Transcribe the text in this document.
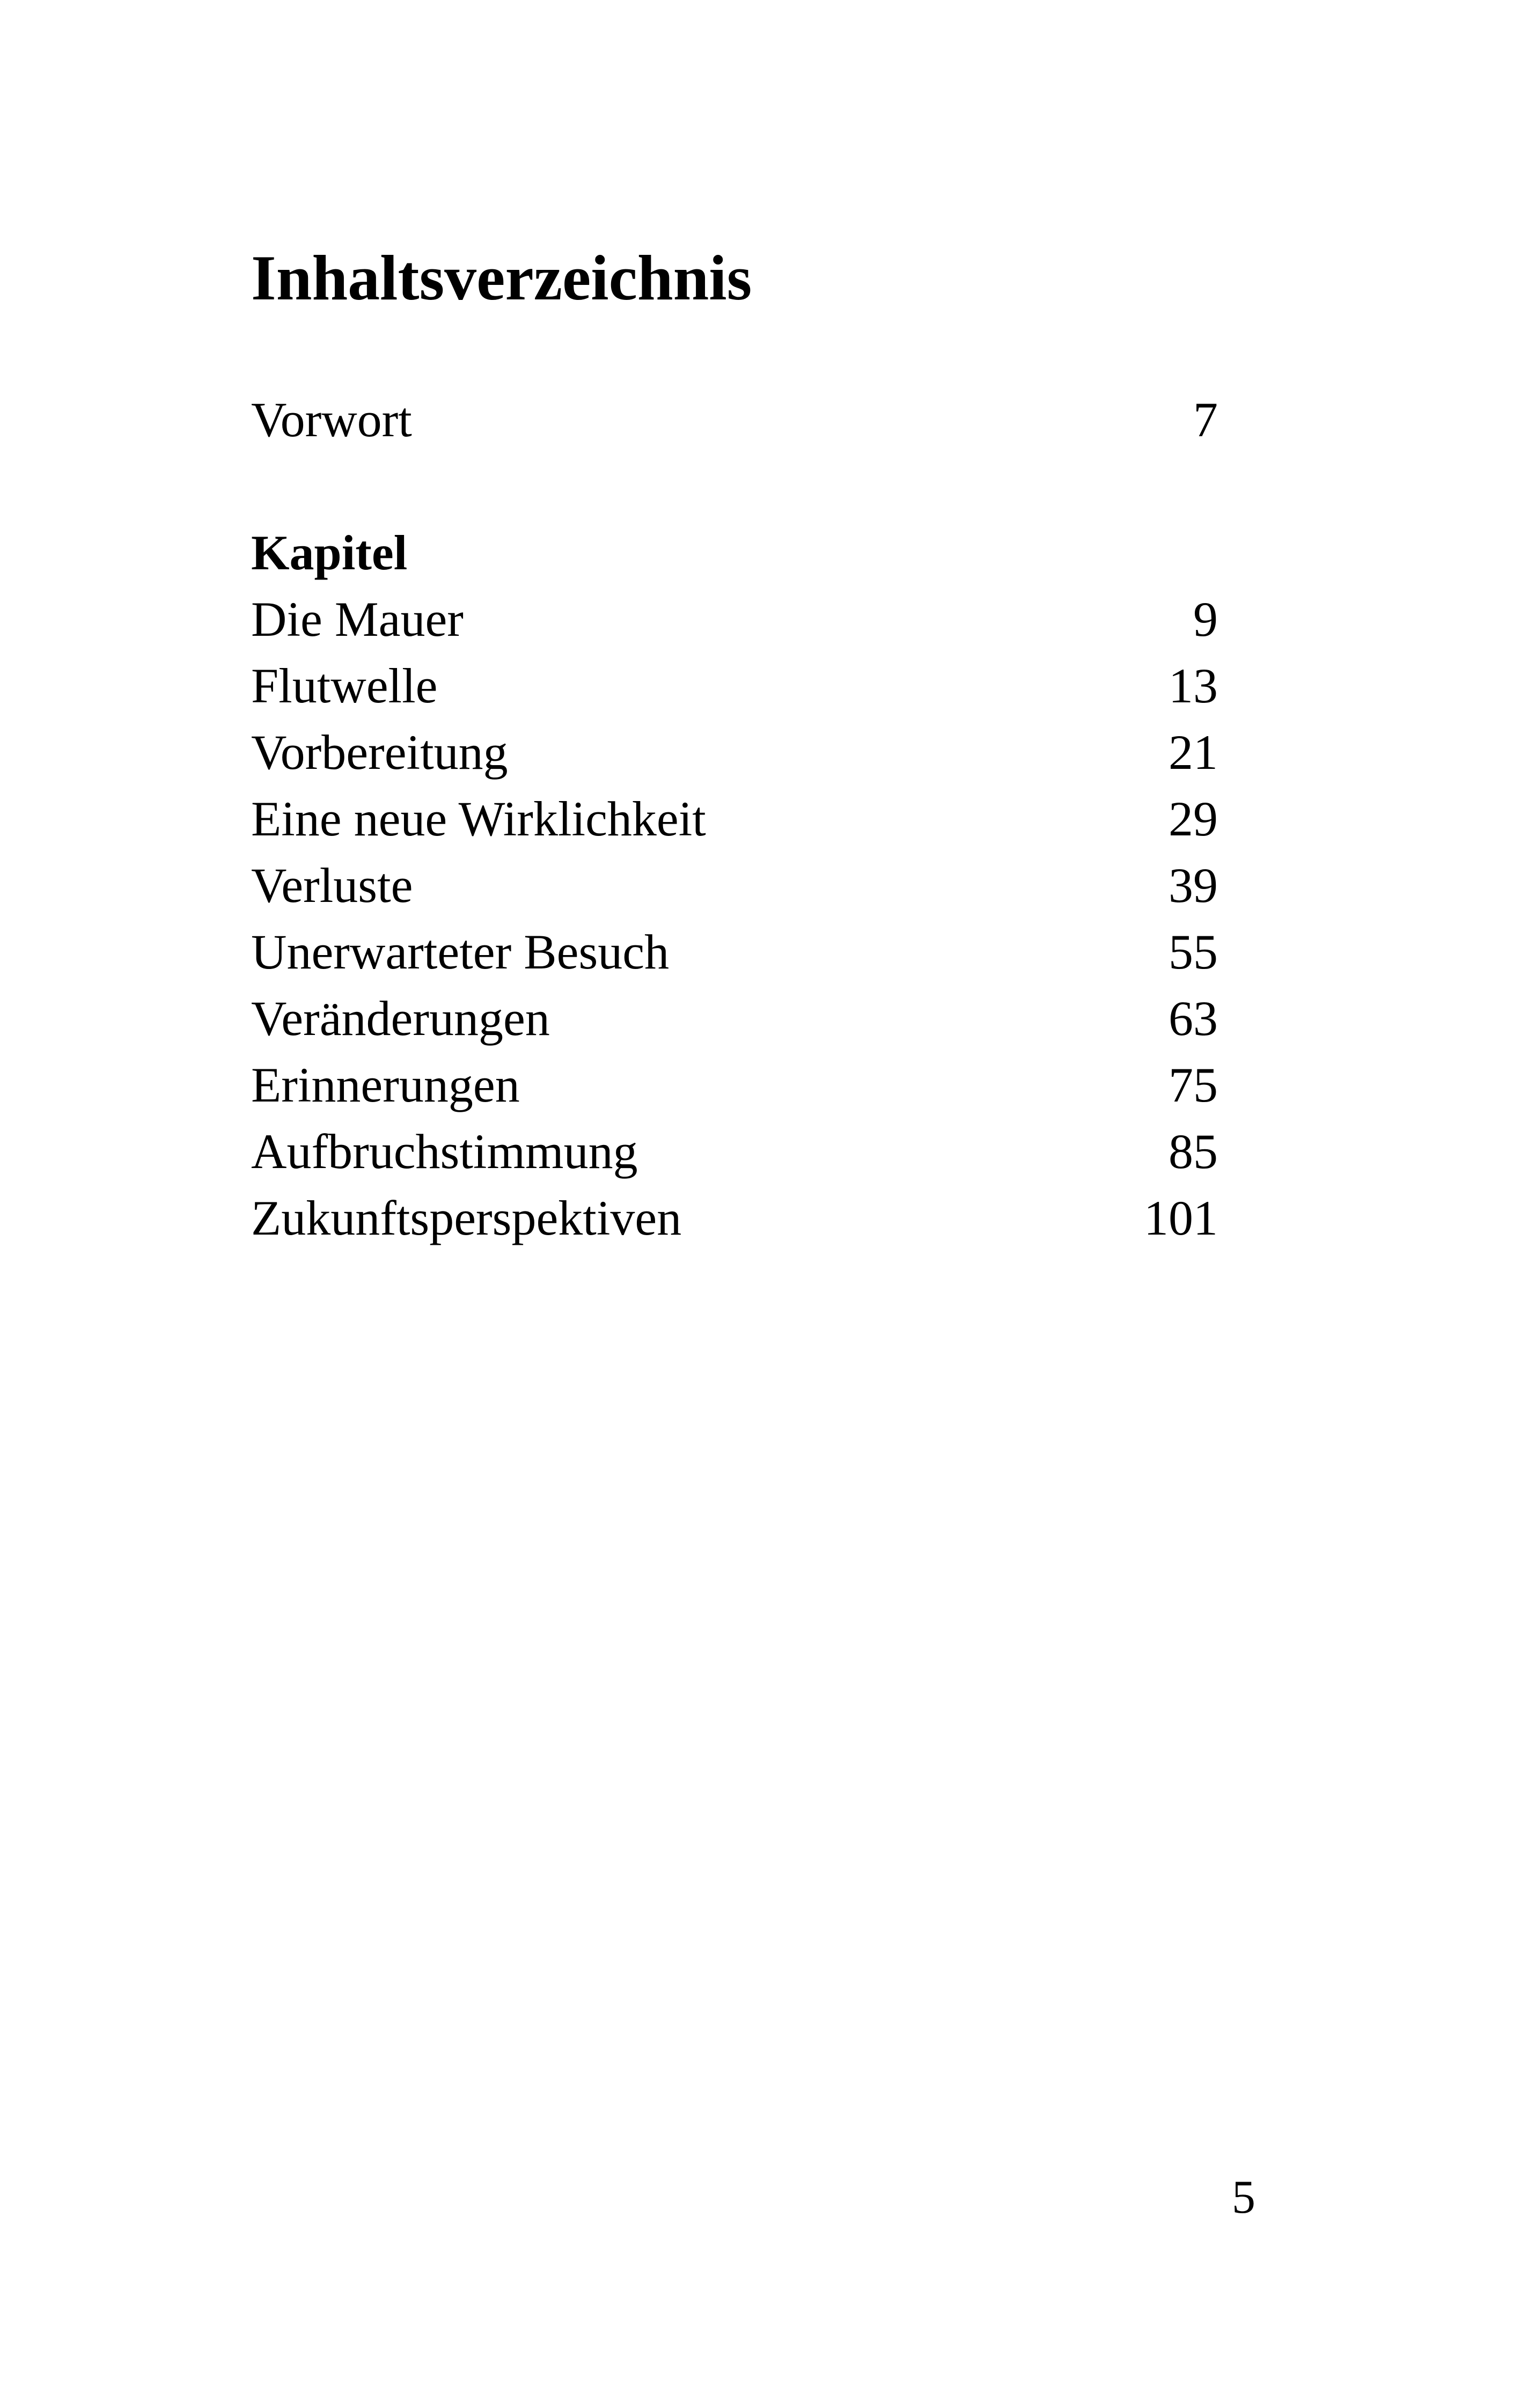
Inhaltsverzeichnis
Vorwort	7
Kapitel
Die Mauer	9
Flutwelle	13
Vorbereitung	21
Eine neue Wirklichkeit	29
Verluste	39
Unerwarteter Besuch	55
Veränderungen	63
Erinnerungen	75
Aufbruchstimmung	85
Zukunftsperspektiven	101
5
